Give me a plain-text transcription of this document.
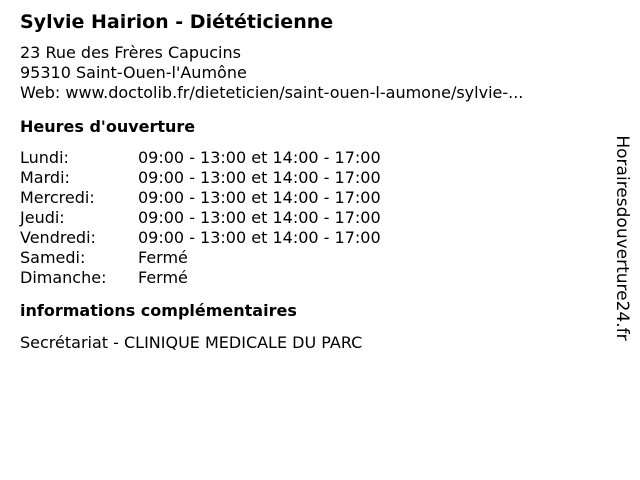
Sylvie Hairion - Diététicienne
23 Rue des Frères Capucins
95310 Saint-Ouen-l'Aumône
Web: www.doctolib.fr/dieteticien/saint-ouen-l-aumone/sylvie-...
Heures d'ouverture
Lundi:	09:00 - 13:00 et 14:00 - 17:00
Mardi:	09:00 - 13:00 et 14:00 - 17:00
Mercredi:	09:00 - 13:00 et 14:00 - 17:00
Jeudi:	09:00 - 13:00 et 14:00 - 17:00
Vendredi:	09:00 - 13:00 et 14:00 - 17:00
Samedi:	Fermé
Dimanche: Fermé
informations complémentaires
Secrétariat - CLINIQUE MEDICALE DU PARC
Horairesdouverture24.fr
